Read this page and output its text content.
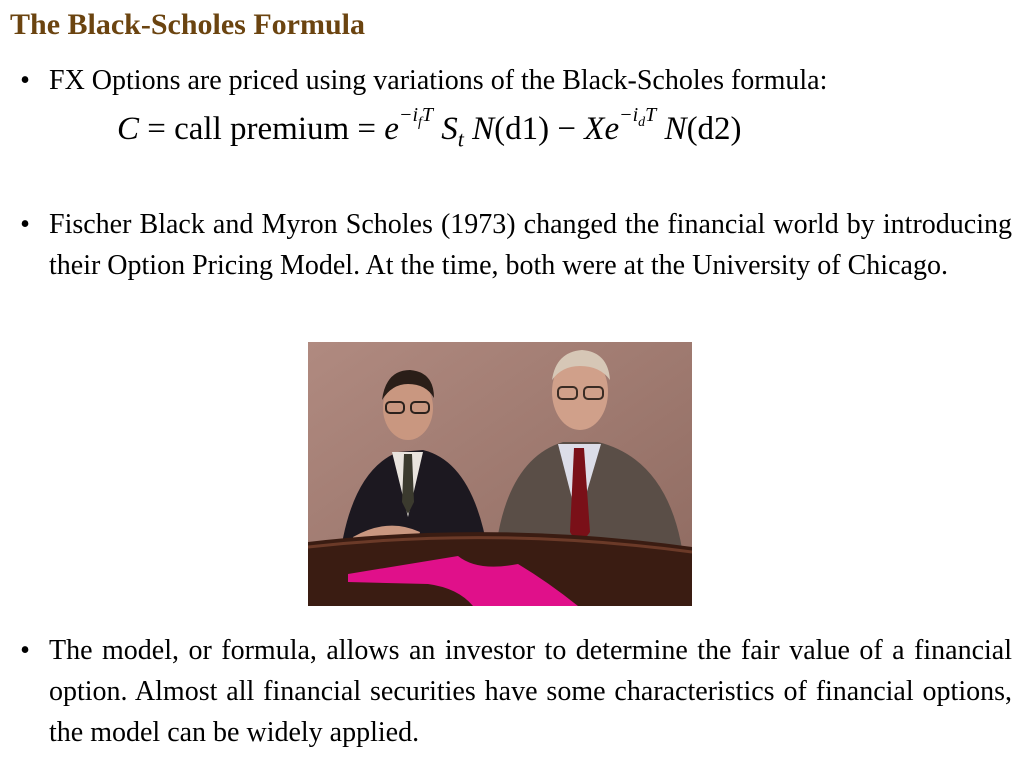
The Black-Scholes Formula
• FX Options are priced using variations of the Black-Scholes formula:
C = call premium = $e^{-i_fT}$ $S_t$ $N(d1) - Xe^{-i_dT}$ N(d2)
• Fischer Black and Myron Scholes (1973) changed the financial world by introducing their Option Pricing Model. At the time, both were at the University of Chicago.
• The model, or formula, allows an investor to determine the fair value of a financial option. Almost all financial securities have some characteristics of financial options, the model can be widely applied.
